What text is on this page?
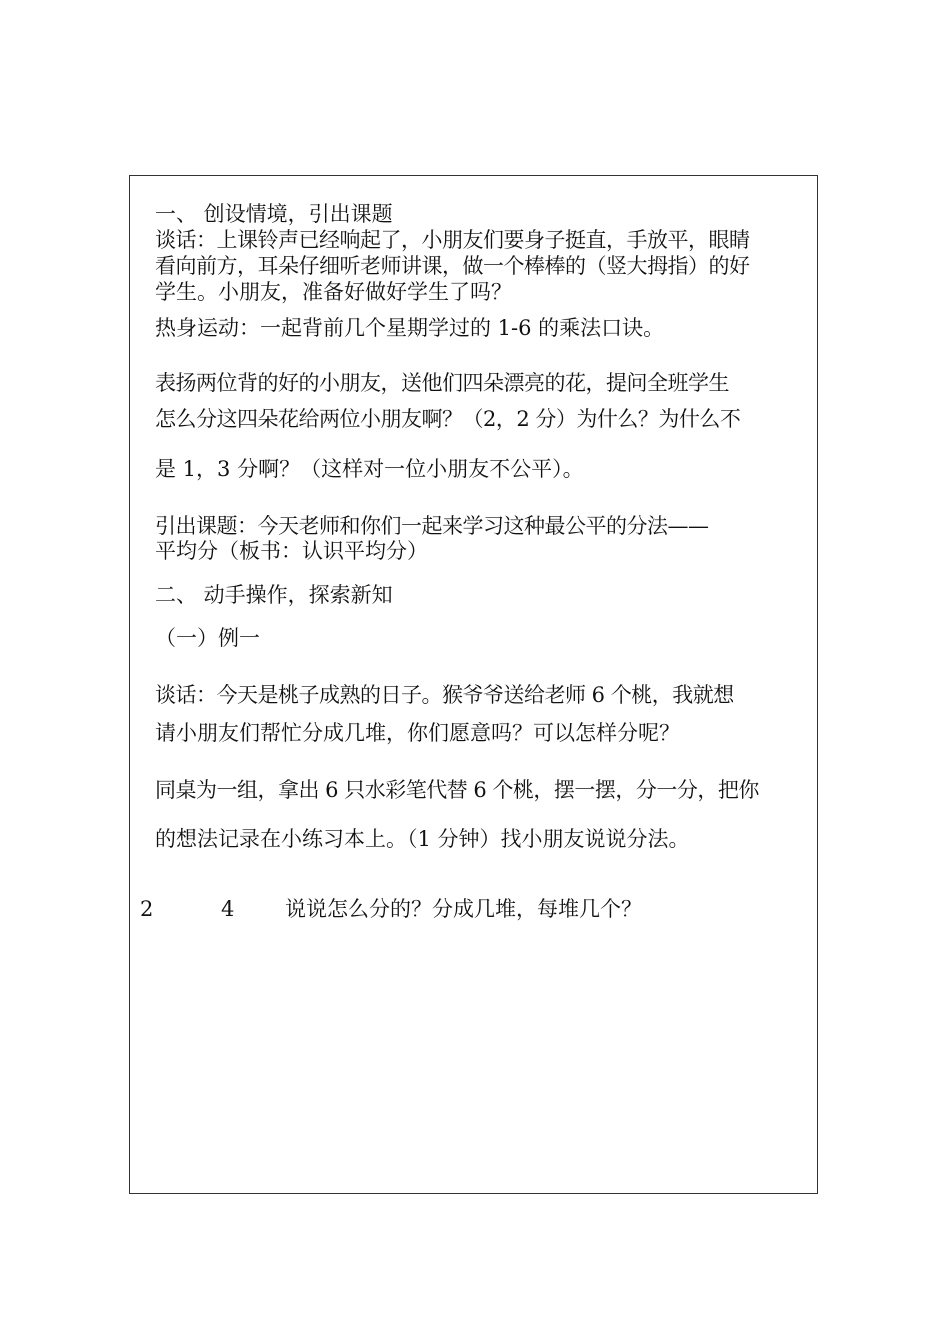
一、 创设情境，引出课题
谈话：上课铃声已经响起了，小朋友们要身子挺直，手放平，眼睛
看向前方，耳朵仔细听老师讲课，做一个棒棒的（竖大拇指）的好
学生。小朋友，准备好做好学生了吗？
热身运动：一起背前几个星期学过的 1-6 的乘法口诀。
表扬两位背的好的小朋友，送他们四朵漂亮的花，提问全班学生
怎么分这四朵花给两位小朋友啊？（2，2 分）为什么？为什么不
是 1，3 分啊？（这样对一位小朋友不公平）。
引出课题：今天老师和你们一起来学习这种最公平的分法——
平均分（板书：认识平均分）
二、 动手操作，探索新知
（一）例一
谈话：今天是桃子成熟的日子。猴爷爷送给老师 6 个桃，我就想
请小朋友们帮忙分成几堆，你们愿意吗？可以怎样分呢？
同桌为一组，拿出 6 只水彩笔代替 6 个桃，摆一摆，分一分，把你
的想法记录在小练习本上。（1 分钟）找小朋友说说分法。
2	4 说说怎么分的？分成几堆，每堆几个？
